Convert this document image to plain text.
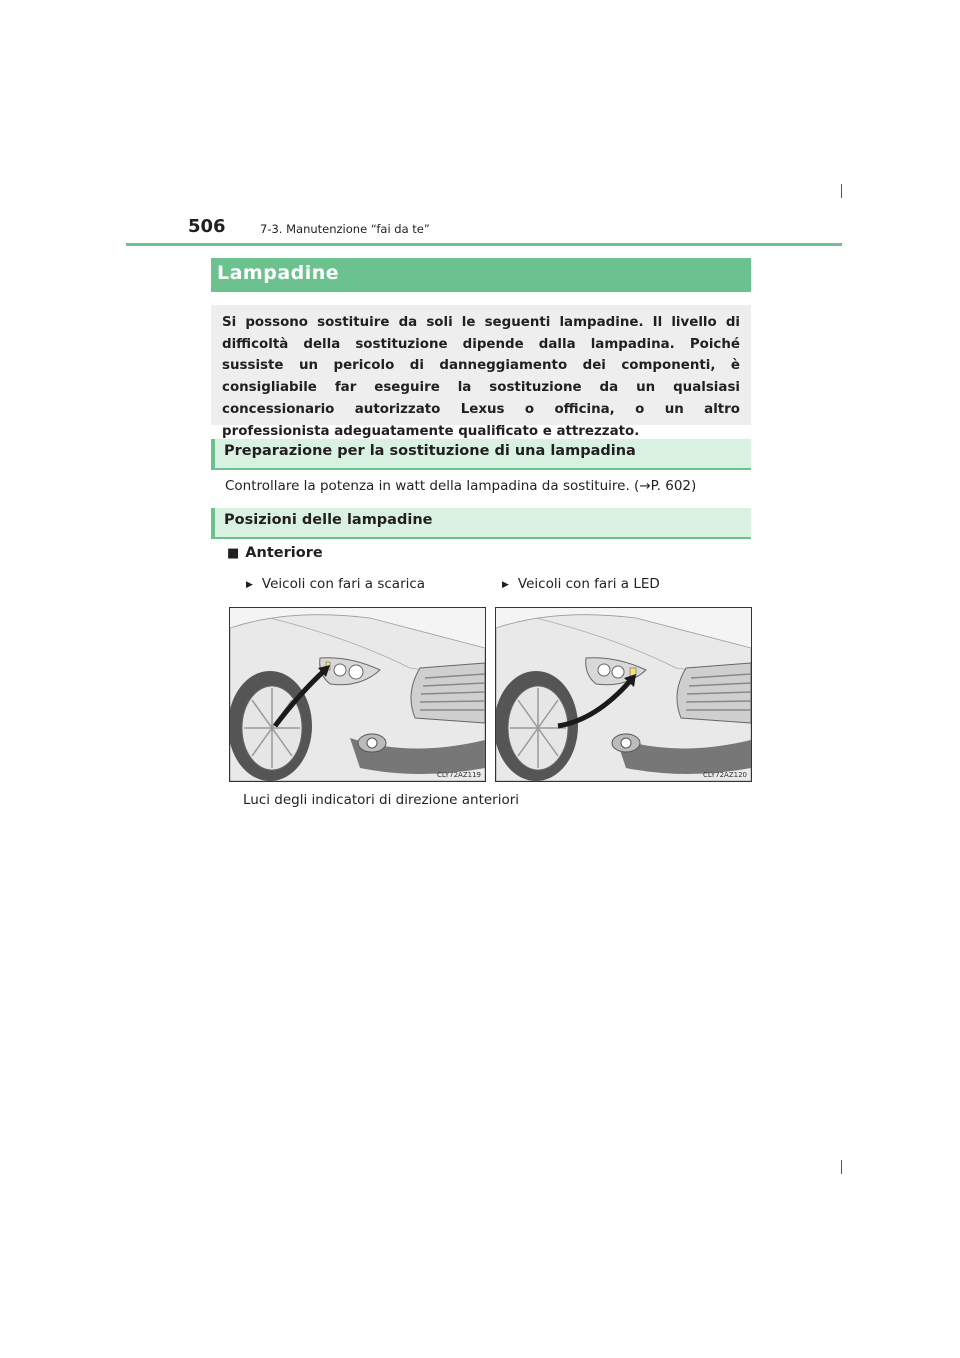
506	7-3. Manutenzione “fai da te”
Lampadine
Si possono sostituire da soli le seguenti lampadine. Il livello di difficoltà della sostituzione dipende dalla lampadina. Poiché sussiste un pericolo di danneggiamento dei componenti, è consigliabile far eseguire la sostituzione da un qualsiasi concessionario autorizzato Lexus o officina, o un altro professionista adeguatamente qualificato e attrezzato.
Preparazione per la sostituzione di una lampadina
Controllare la potenza in watt della lampadina da sostituire. (→P. 602)
Posizioni delle lampadine
■ Anteriore
▶ Veicoli con fari a scarica	▶ Veicoli con fari a LED
CLY72AZ119	CLY72AZ120
Luci degli indicatori di direzione anteriori
